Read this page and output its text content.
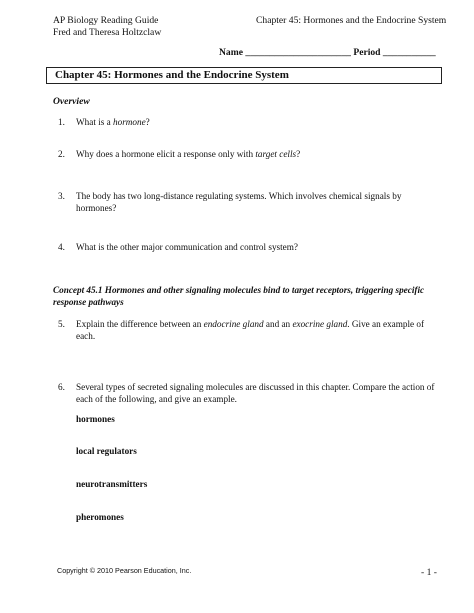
AP Biology Reading Guide
Fred and Theresa Holtzclaw
Chapter 45: Hormones and the Endocrine System
Name ______________________ Period ___________
Chapter 45: Hormones and the Endocrine System
Overview
1. What is a hormone?
2. Why does a hormone elicit a response only with target cells?
3. The body has two long-distance regulating systems. Which involves chemical signals by hormones?
4. What is the other major communication and control system?
Concept 45.1 Hormones and other signaling molecules bind to target receptors, triggering specific response pathways
5. Explain the difference between an endocrine gland and an exocrine gland. Give an example of each.
6. Several types of secreted signaling molecules are discussed in this chapter. Compare the action of each of the following, and give an example.
hormones
local regulators
neurotransmitters
pheromones
Copyright © 2010 Pearson Education, Inc.	- 1 -
